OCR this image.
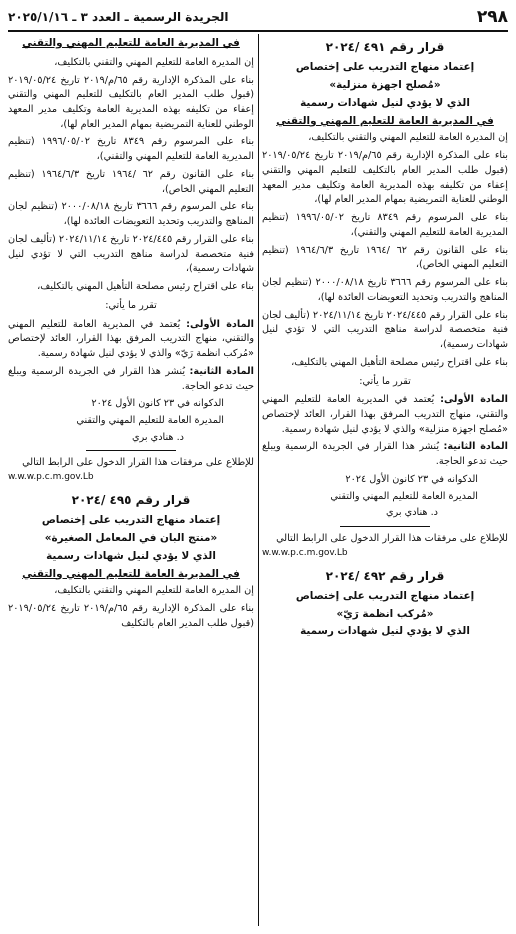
٢٩٨
الجريدة الرسمية ـ العدد ٣ ـ ٢٠٢٥/١/١٦

قرار رقم ٤٩١ /٢٠٢٤

إعتماد منهاج التدريب على إختصاص

«مُصلح اجهزة منزلية»

الذي لا يؤدي لنيل شهادات رسمية

في المديرية العامة للتعليم المهني والتقني

إن المديرة العامة للتعليم المهني والتقني بالتكليف،

بناء على المذكرة الإدارية رقم ٦٥/م/٢٠١٩ تاريخ ٢٠١٩/٠٥/٢٤ (قبول طلب المدير العام بالتكليف للتعليم المهني والتقني إعفاء من تكليفه بهذه المديرية العامة وتكليف مدير المعهد الوطني للعناية التمريضية بمهام المدير العام لها)،

بناء على المرسوم رقم ٨٣٤٩ تاريخ ١٩٩٦/٠٥/٠٢ (تنظيم المديرية العامة للتعليم المهني والتقني)،

بناء على القانون رقم ٦٢ /١٩٦٤ تاريخ ١٩٦٤/٦/٣ (تنظيم التعليم المهني الخاص)،

بناء على المرسوم رقم ٣٦٦٦ تاريخ ٢٠٠٠/٠٨/١٨ (تنظيم لجان المناهج والتدريب وتحديد التعويضات العائدة لها)،

بناء على القرار رقم ٢٠٢٤/٤٤٥ تاريخ ٢٠٢٤/١١/١٤ (تأليف لجان فنية متخصصة لدراسة مناهج التدريب التي لا تؤدي لنيل شهادات رسمية)،

بناء على اقتراح رئيس مصلحة التأهيل المهني بالتكليف،

تقرر ما يأتي:

المادة الأولى: يُعتمد في المديرية العامة للتعليم المهني والتقني، منهاج التدريب المرفق بهذا القرار، العائد لإختصاص «مُصلح اجهزة منزلية» والذي لا يؤدي لنيل شهادة رسمية.

المادة الثانية: يُنشر هذا القرار في الجريدة الرسمية ويبلغ حيث تدعو الحاجة.

الدكوانه في ٢٣ كانون الأول ٢٠٢٤

المديرة العامة للتعليم المهني والتقني

د. هنادي بري

للإطلاع على مرفقات هذا القرار الدخول على الرابط التالي

w.w.w.p.c.m.gov.Lb

قرار رقم ٤٩٢ /٢٠٢٤

إعتماد منهاج التدريب على إختصاص

«مُركب انظمة رَيّ»

الذي لا يؤدي لنيل شهادات رسمية

في المديرية العامة للتعليم المهني والتقني

إن المديرة العامة للتعليم المهني والتقني بالتكليف،

بناء على المذكرة الإدارية رقم ٦٥/م/٢٠١٩ تاريخ ٢٠١٩/٠٥/٢٤ (قبول طلب المدير العام بالتكليف للتعليم المهني والتقني إعفاء من تكليفه بهذه المديرية العامة وتكليف مدير المعهد الوطني للعناية التمريضية بمهام المدير العام لها)،

بناء على المرسوم رقم ٨٣٤٩ تاريخ ١٩٩٦/٠٥/٠٢ (تنظيم المديرية العامة للتعليم المهني والتقني)،

بناء على القانون رقم ٦٢ /١٩٦٤ تاريخ ١٩٦٤/٦/٣ (تنظيم التعليم المهني الخاص)،

بناء على المرسوم رقم ٣٦٦٦ تاريخ ٢٠٠٠/٠٨/١٨ (تنظيم لجان المناهج والتدريب وتحديد التعويضات العائدة لها)،

بناء على القرار رقم ٢٠٢٤/٤٤٥ تاريخ ٢٠٢٤/١١/١٤ (تأليف لجان فنية متخصصة لدراسة مناهج التدريب التي لا تؤدي لنيل شهادات رسمية)،

بناء على اقتراح رئيس مصلحة التأهيل المهني بالتكليف،

تقرر ما يأتي:

المادة الأولى: يُعتمد في المديرية العامة للتعليم المهني والتقني، منهاج التدريب المرفق بهذا القرار، العائد لإختصاص «مُركب انظمة رَيّ» والذي لا يؤدي لنيل شهادة رسمية.

المادة الثانية: يُنشر هذا القرار في الجريدة الرسمية ويبلغ حيث تدعو الحاجة.

الدكوانه في ٢٣ كانون الأول ٢٠٢٤

المديرة العامة للتعليم المهني والتقني

د. هنادي بري

للإطلاع على مرفقات هذا القرار الدخول على الرابط التالي

w.w.w.p.c.m.gov.Lb

قرار رقم ٤٩٥ /٢٠٢٤

إعتماد منهاج التدريب على إختصاص

«منتج البان في المعامل الصغيرة»

الذي لا يؤدي لنيل شهادات رسمية

في المديرية العامة للتعليم المهني والتقني

إن المديرة العامة للتعليم المهني والتقني بالتكليف،

بناء على المذكرة الإدارية رقم ٦٥/م/٢٠١٩ تاريخ ٢٠١٩/٠٥/٢٤ (قبول طلب المدير العام بالتكليف
